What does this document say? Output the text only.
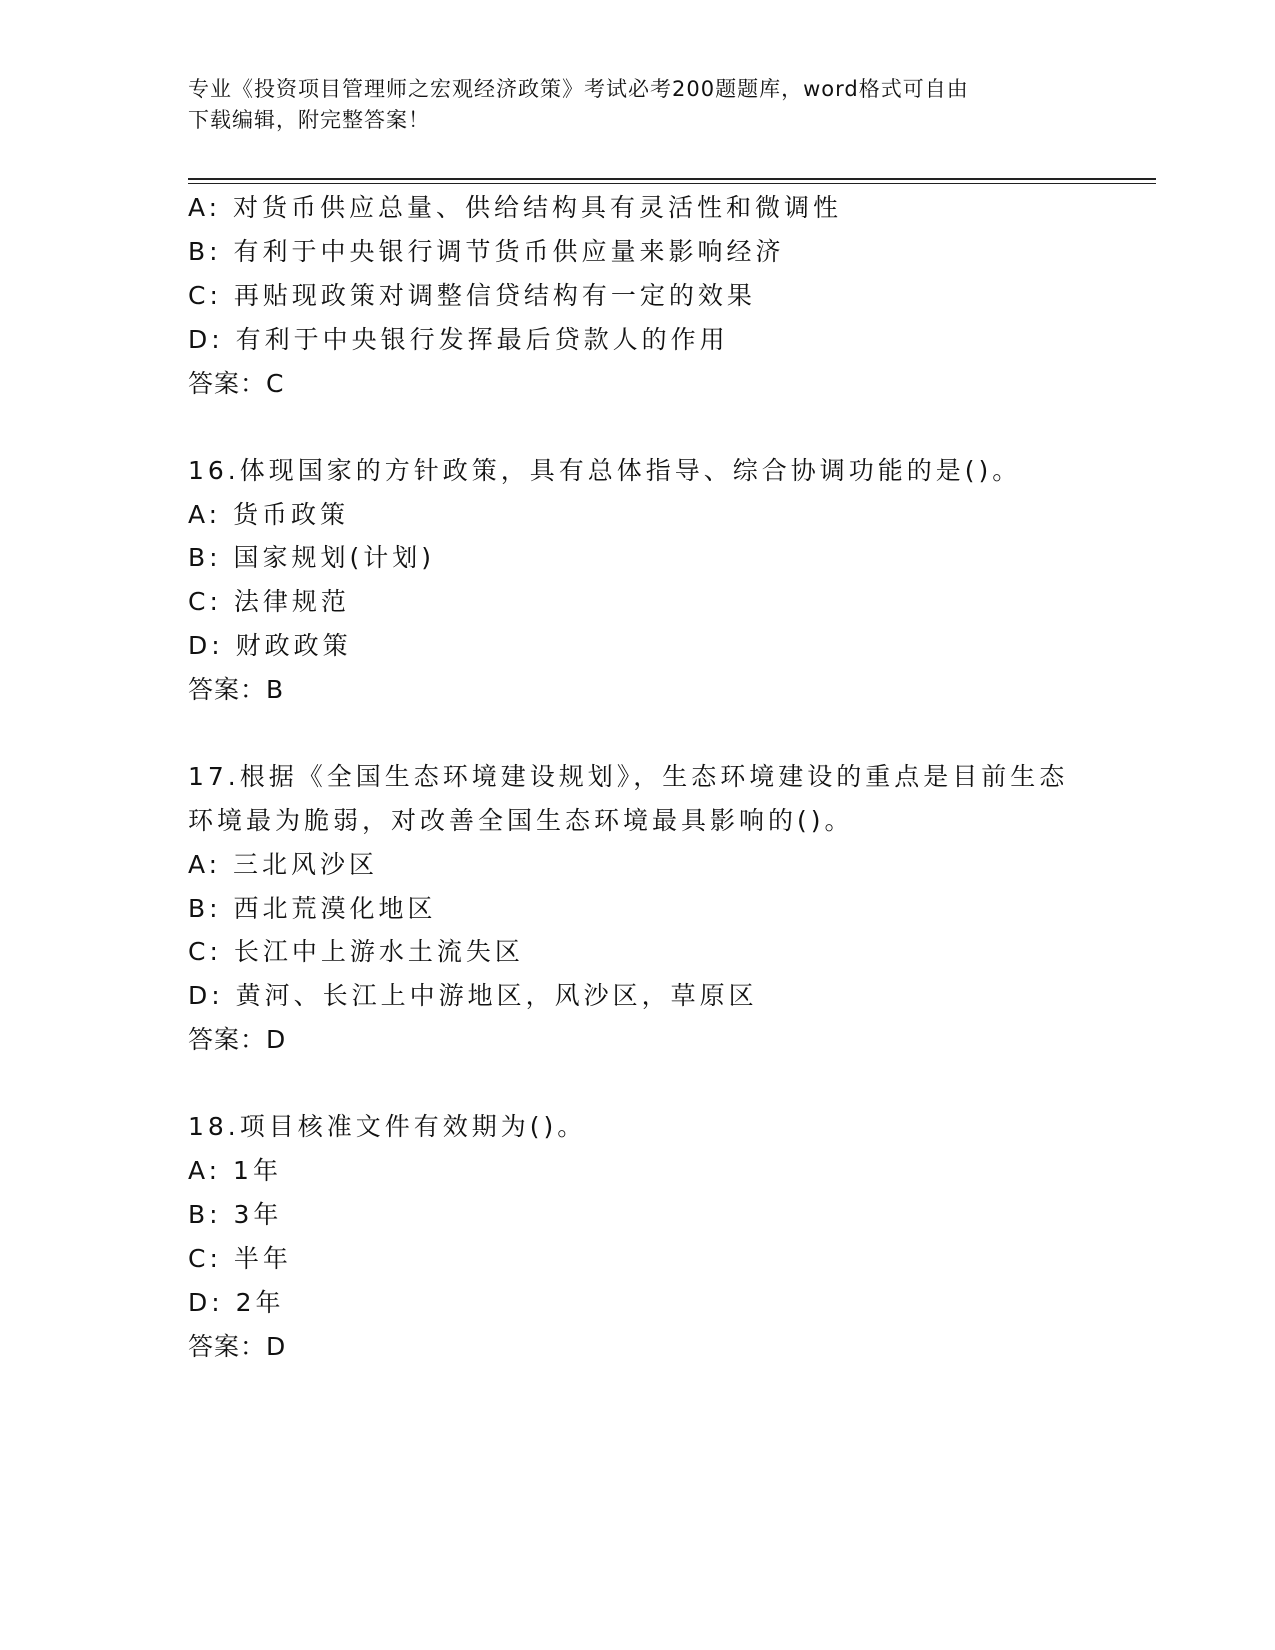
专业《投资项目管理师之宏观经济政策》考试必考200题题库，word格式可自由
下载编辑，附完整答案！
A: 对货币供应总量、供给结构具有灵活性和微调性
B: 有利于中央银行调节货币供应量来影响经济
C: 再贴现政策对调整信贷结构有一定的效果
D: 有利于中央银行发挥最后贷款人的作用
答案：C
16.体现国家的方针政策，具有总体指导、综合协调功能的是()。
A: 货币政策
B: 国家规划(计划)
C: 法律规范
D: 财政政策
答案：B
17.根据《全国生态环境建设规划》，生态环境建设的重点是目前生态
环境最为脆弱，对改善全国生态环境最具影响的()。
A: 三北风沙区
B: 西北荒漠化地区
C: 长江中上游水土流失区
D: 黄河、长江上中游地区，风沙区，草原区
答案：D
18.项目核准文件有效期为()。
A: 1年
B: 3年
C: 半年
D: 2年
答案：D
